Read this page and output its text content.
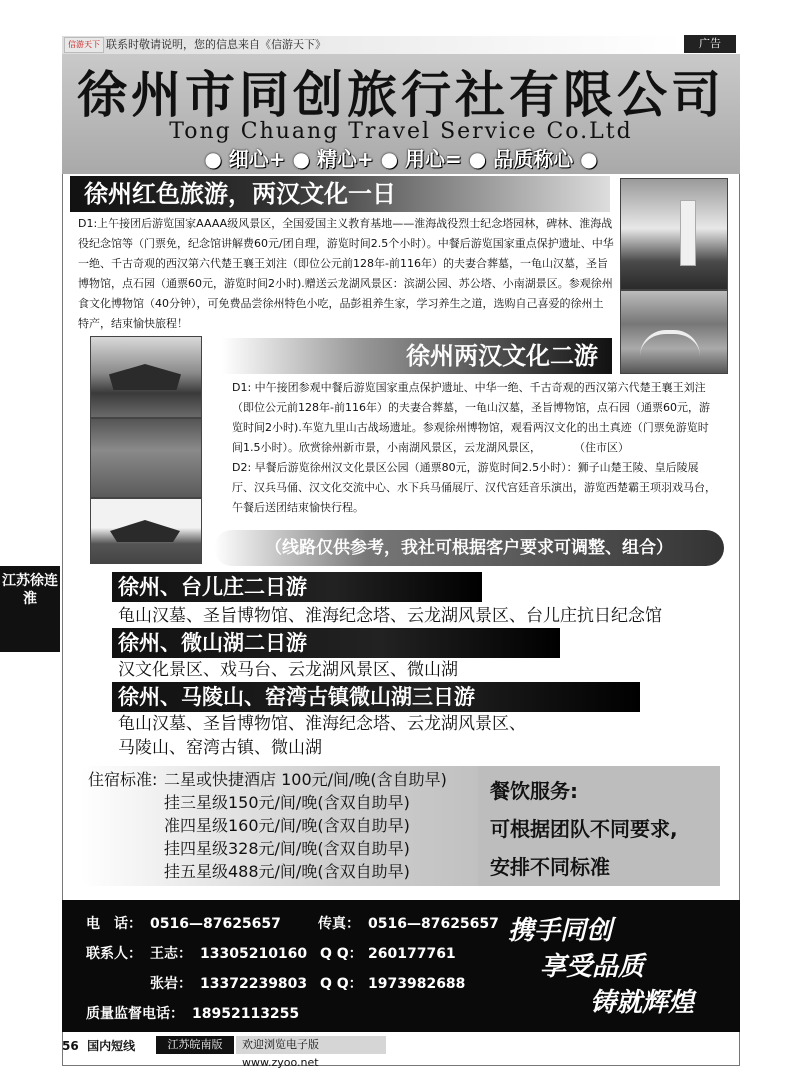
信游天下 联系时敬请说明，您的信息来自《信游天下》	广告
徐州市同创旅行社有限公司
Tong Chuang Travel Service Co.Ltd
● 细心+ ● 精心+ ● 用心= ● 品质称心 ●
徐州红色旅游，两汉文化一日
D1:上午接团后游览国家AAAA级风景区，全国爱国主义教育基地——淮海战役烈士纪念塔园林，碑林、淮海战役纪念馆等（门票免，纪念馆讲解费60元/团自理，游览时间2.5个小时）。中餐后游览国家重点保护遗址、中华一绝、千古奇观的西汉第六代楚王襄王刘注（即位公元前128年-前116年）的夫妻合葬墓，一龟山汉墓，圣旨博物馆，点石园（通票60元，游览时间2小时).赠送云龙湖风景区：滨湖公园、苏公塔、小南湖景区。参观徐州食文化博物馆（40分钟），可免费品尝徐州特色小吃，品彭祖养生家，学习养生之道，选购自己喜爱的徐州土特产，结束愉快旅程！
徐州两汉文化二游
D1: 中午接团参观中餐后游览国家重点保护遗址、中华一绝、千古奇观的西汉第六代楚王襄王刘注（即位公元前128年-前116年）的夫妻合葬墓，一龟山汉墓，圣旨博物馆，点石园（通票60元，游览时间2小时).车览九里山古战场遗址。参观徐州博物馆，观看两汉文化的出土真迹（门票免游览时间1.5小时）。欣赏徐州新市景，小南湖风景区，云龙湖风景区，　　　　（住市区）
D2: 早餐后游览徐州汉文化景区公园（通票80元，游览时间2.5小时）：狮子山楚王陵、皇后陵展厅、汉兵马俑、汉文化交流中心、水下兵马俑展厅、汉代宫廷音乐演出，游览西楚霸王项羽戏马台，午餐后送团结束愉快行程。
（线路仅供参考，我社可根据客户要求可调整、组合）
徐州、台儿庄二日游
龟山汉墓、圣旨博物馆、淮海纪念塔、云龙湖风景区、台儿庄抗日纪念馆
徐州、微山湖二日游
汉文化景区、戏马台、云龙湖风景区、微山湖
徐州、马陵山、窑湾古镇微山湖三日游
龟山汉墓、圣旨博物馆、淮海纪念塔、云龙湖风景区、
马陵山、窑湾古镇、微山湖
住宿标准: 二星或快捷酒店 100元/间/晚(含自助早)
挂三星级150元/间/晚(含双自助早)
准四星级160元/间/晚(含双自助早)
挂四星级328元/间/晚(含双自助早)
挂五星级488元/间/晚(含双自助早)
餐饮服务:
可根据团队不同要求,
安排不同标准
电　话： 0516—87625657	传真： 0516—87625657
联系人： 王志： 13305210160 Q Q： 260177761
张岩： 13372239803 Q Q： 1973982688
质量监督电话： 18952113255
携手同创
享受品质
铸就辉煌
江苏徐连淮
56 国内短线	江苏皖南版	欢迎浏览电子版 www.zyoo.net
